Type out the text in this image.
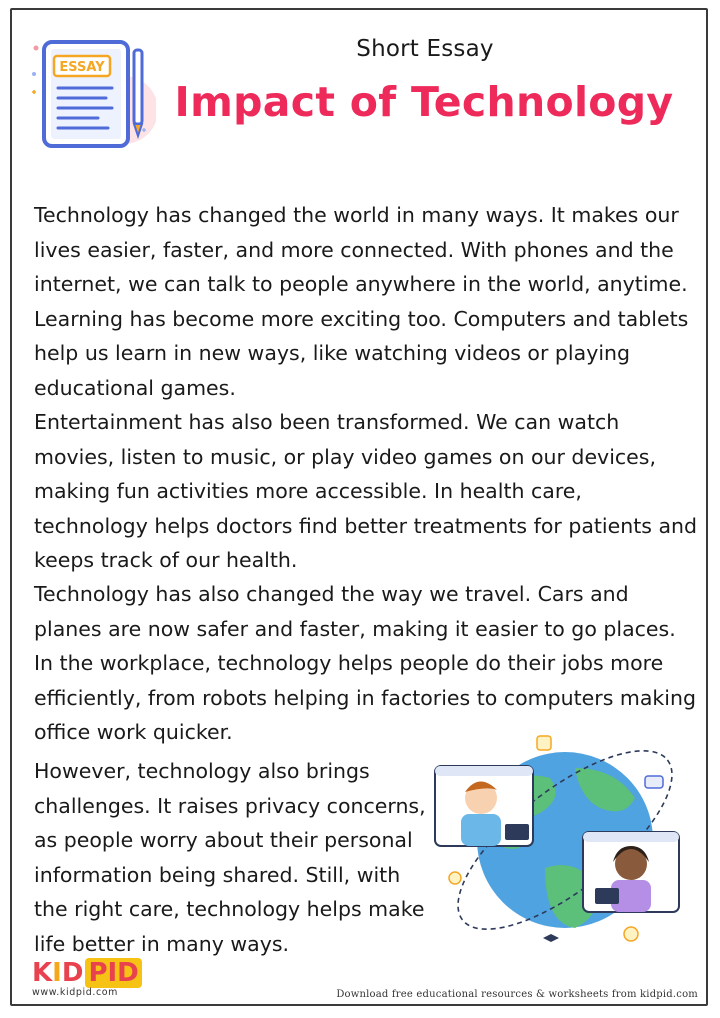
ESSAY
Short Essay
Impact of Technology

Technology has changed the world in many ways. It makes our lives easier, faster, and more connected. With phones and the internet, we can talk to people anywhere in the world, anytime. Learning has become more exciting too. Computers and tablets help us learn in new ways, like watching videos or playing educational games.

Entertainment has also been transformed. We can watch movies, listen to music, or play video games on our devices, making fun activities more accessible. In health care, technology helps doctors find better treatments for patients and keeps track of our health.

Technology has also changed the way we travel. Cars and planes are now safer and faster, making it easier to go places. In the workplace, technology helps people do their jobs more efficiently, from robots helping in factories to computers making office work quicker.

However, technology also brings challenges. It raises privacy concerns, as people worry about their personal information being shared. Still, with the right care, technology helps make life better in many ways.

KID PID
www.kidpid.com	Download free educational resources & worksheets from kidpid.com
